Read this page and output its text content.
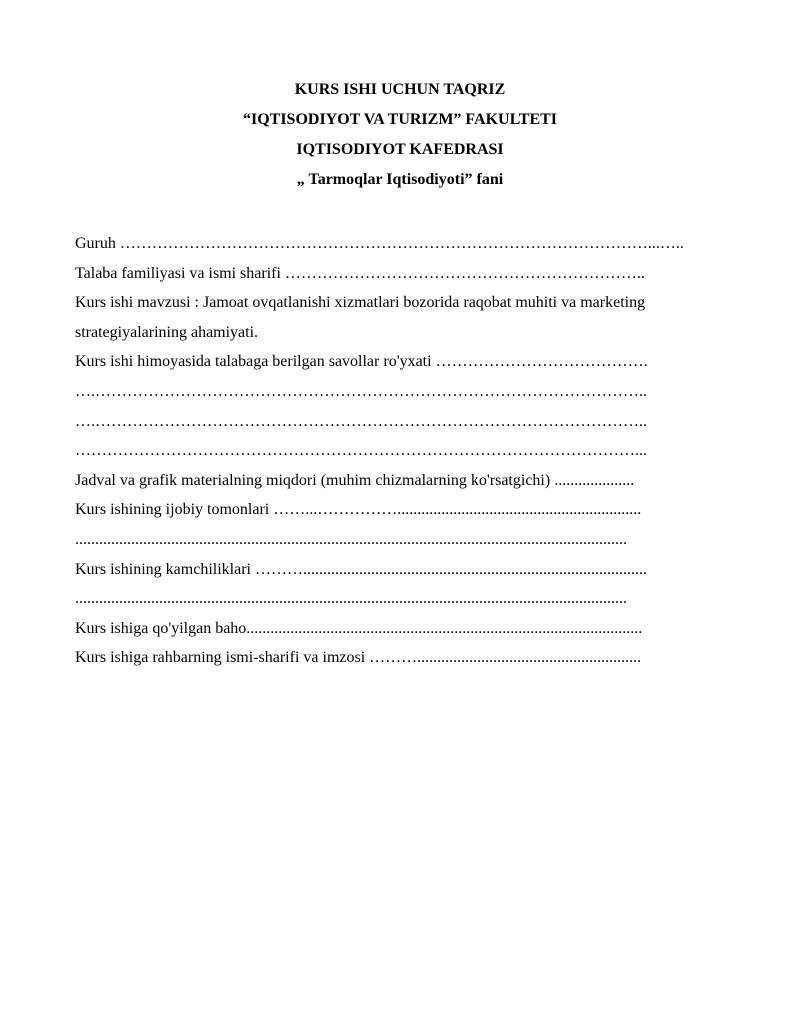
KURS ISHI UCHUN TAQRIZ
“IQTISODIYOT VA TURIZM” FAKULTETI
IQTISODIYOT KAFEDRASI
„ Tarmoqlar Iqtisodiyoti” fani
Guruh ………………………………………………………………………………………...…..
Talaba familiyasi va ismi sharifi …………………………………………………………..
Kurs ishi mavzusi : Jamoat ovqatlanishi xizmatlari bozorida raqobat muhiti va marketing strategiyalarining ahamiyati.
Kurs ishi himoyasida talabaga berilgan savollar ro'yxati ………………………………….
….…………………………………………………………………………………………..
….…………………………………………………………………………………………..
……………………………………………………………………………………………...
Jadval va grafik materialning miqdori (muhim chizmalarning ko'rsatgichi) ....................
Kurs ishining ijobiy tomonlari ……...…………….............................................................
..........................................................................................................................................
Kurs ishining kamchiliklari ………......................................................................................
..........................................................................................................................................
Kurs ishiga qo'yilgan baho...................................................................................................
Kurs ishiga rahbarning ismi-sharifi va imzosi ………........................................................
